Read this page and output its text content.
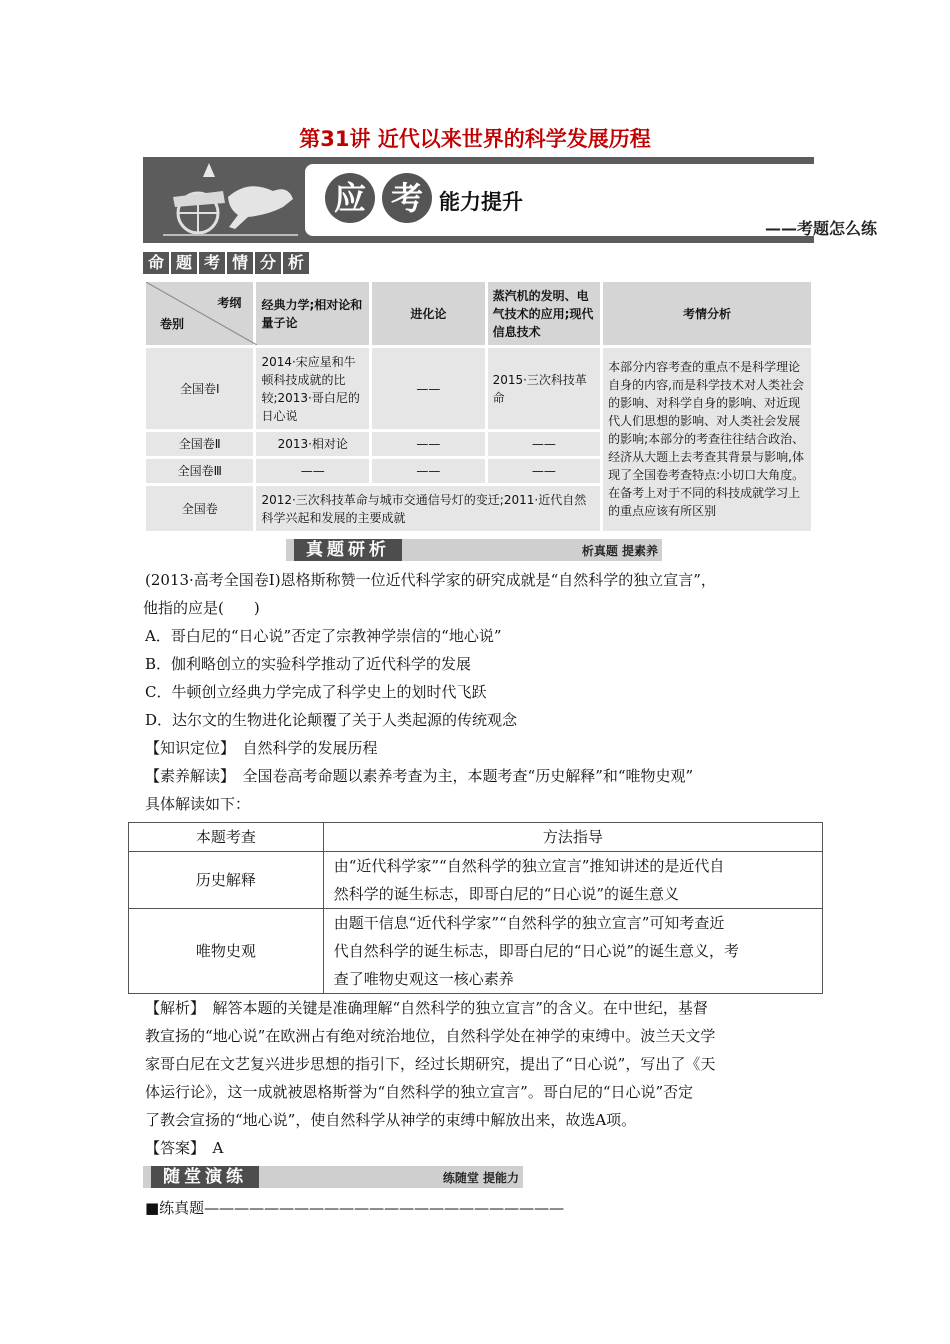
第31讲 近代以来世界的科学发展历程
应 考 能力提升
——考题怎么练
命 题 考 情 分 析
考纲
卷别	经典力学;相对论和量子论	进化论	蒸汽机的发明、电气技术的应用;现代信息技术	考情分析
全国卷Ⅰ	2014·宋应星和牛顿科技成就的比较;2013·哥白尼的日心说	——	2015·三次科技革命	本部分内容考查的重点不是科学理论自身的内容,而是科学技术对人类社会的影响、对科学自身的影响、对近现代人们思想的影响、对人类社会发展的影响;本部分的考查往往结合政治、经济从大题上去考查其背景与影响,体现了全国卷考查特点:小切口大角度。在备考上对于不同的科技成就学习上的重点应该有所区别
全国卷Ⅱ	2013·相对论	——	——	
全国卷Ⅲ	——	——	——	
全国卷	2012·三次科技革命与城市交通信号灯的变迁;2011·近代自然科学兴起和发展的主要成就			
真题研析	析真题 提素养
(2013·高考全国卷Ⅰ)恩格斯称赞一位近代科学家的研究成就是“自然科学的独立宣言”，
他指的应是(　　)
A．哥白尼的“日心说”否定了宗教神学崇信的“地心说”
B．伽利略创立的实验科学推动了近代科学的发展
C．牛顿创立经典力学完成了科学史上的划时代飞跃
D．达尔文的生物进化论颠覆了关于人类起源的传统观念
【知识定位】　 自然科学的发展历程
【素养解读】　 全国卷高考命题以素养考查为主，本题考查“历史解释”和“唯物史观”
具体解读如下：
本题考查	方法指导
历史解释	由“近代科学家”“自然科学的独立宣言”推知讲述的是近代自
然科学的诞生标志，即哥白尼的“日心说”的诞生意义

唯物史观	由题干信息“近代科学家”“自然科学的独立宣言”可知考查近
代自然科学的诞生标志，即哥白尼的“日心说”的诞生意义，考
查了唯物史观这一核心素养
【解析】　 解答本题的关键是准确理解“自然科学的独立宣言”的含义。在中世纪，基督
教宣扬的“地心说”在欧洲占有绝对统治地位，自然科学处在神学的束缚中。波兰天文学
家哥白尼在文艺复兴进步思想的指引下，经过长期研究，提出了“日心说”，写出了《天
体运行论》，这一成就被恩格斯誉为“自然科学的独立宣言”。哥白尼的“日心说”否定
了教会宣扬的“地心说”，使自然科学从神学的束缚中解放出来，故选A项。
【答案】　 A
随堂演练	练随堂 提能力
■练真题————————————————————————
